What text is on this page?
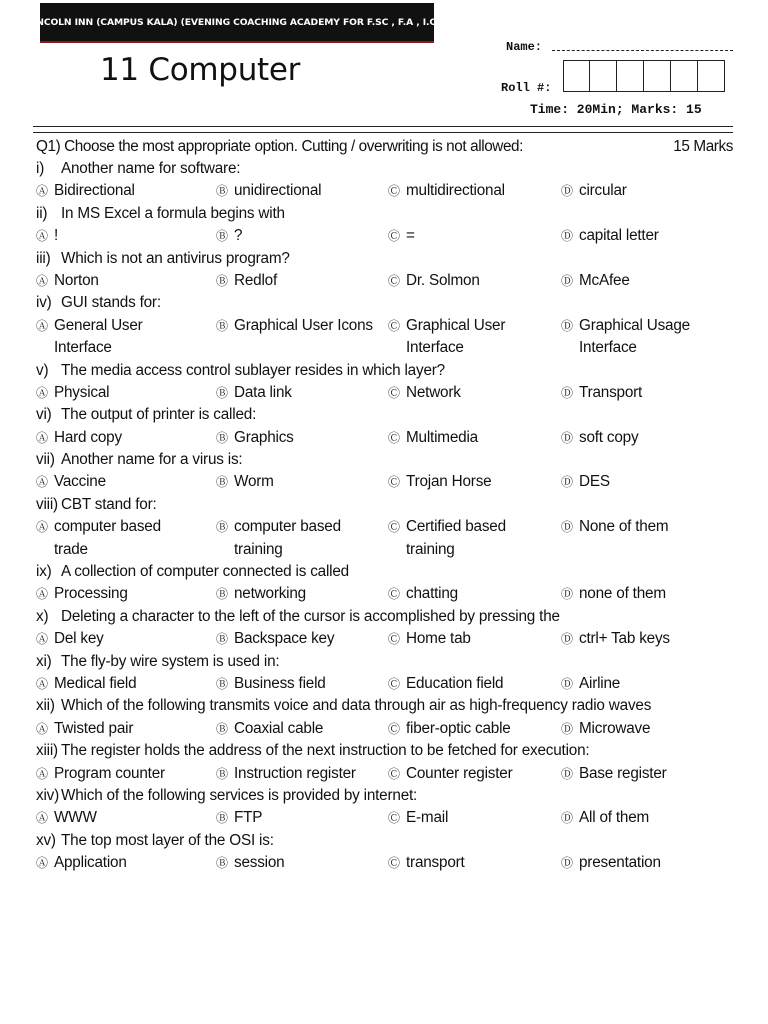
LINCOLN INN (CAMPUS KALA) (EVENING COACHING ACADEMY FOR F.SC , F.A , I.CS)
11 Computer
Name:
Roll #:
Time: 20Min; Marks: 15
Q1) Choose the most appropriate option. Cutting / overwriting is not allowed:	15 Marks
i)	Another name for software:
Ⓐ Bidirectional	Ⓑ unidirectional	Ⓒ multidirectional	Ⓓ circular
ii) In MS Excel a formula begins with
Ⓐ !	Ⓑ ?	Ⓒ =	Ⓓ capital letter
iii) Which is not an antivirus program?
Ⓐ Norton	Ⓑ Redlof	Ⓒ Dr. Solmon	Ⓓ McAfee
iv) GUI stands for:
Ⓐ General User
Interface
Ⓑ Graphical User Icons Ⓒ Graphical User
Interface
Ⓓ Graphical Usage
Interface
v) The media access control sublayer resides in which layer?
Ⓐ Physical	Ⓑ Data link	Ⓒ Network	Ⓓ Transport
vi) The output of printer is called:
Ⓐ Hard copy	Ⓑ Graphics	Ⓒ Multimedia	Ⓓ soft copy
vii) Another name for a virus is:
Ⓐ Vaccine	Ⓑ Worm	Ⓒ Trojan Horse	Ⓓ DES
viii) CBT stand for:
Ⓐ computer based
trade
Ⓑ computer based
training
Ⓒ Certified based
training
Ⓓ None of them
ix) A collection of computer connected is called
Ⓐ Processing	Ⓑ networking	Ⓒ chatting	Ⓓ none of them
x) Deleting a character to the left of the cursor is accomplished by pressing the
Ⓐ Del key	Ⓑ Backspace key	Ⓒ Home tab	Ⓓ ctrl+ Tab keys
xi) The fly-by wire system is used in:
Ⓐ Medical field	Ⓑ Business field	Ⓒ Education field	Ⓓ Airline
xii) Which of the following transmits voice and data through air as high-frequency radio waves
Ⓐ Twisted pair	Ⓑ Coaxial cable	Ⓒ fiber-optic cable	Ⓓ Microwave
xiii) The register holds the address of the next instruction to be fetched for execution:
Ⓐ Program counter	Ⓑ Instruction register	Ⓒ Counter register	Ⓓ Base register
xiv) Which of the following services is provided by internet:
Ⓐ WWW	Ⓑ FTP	Ⓒ E-mail	Ⓓ All of them
xv) The top most layer of the OSI is:
Ⓐ Application	Ⓑ session	Ⓒ transport	Ⓓ presentation
